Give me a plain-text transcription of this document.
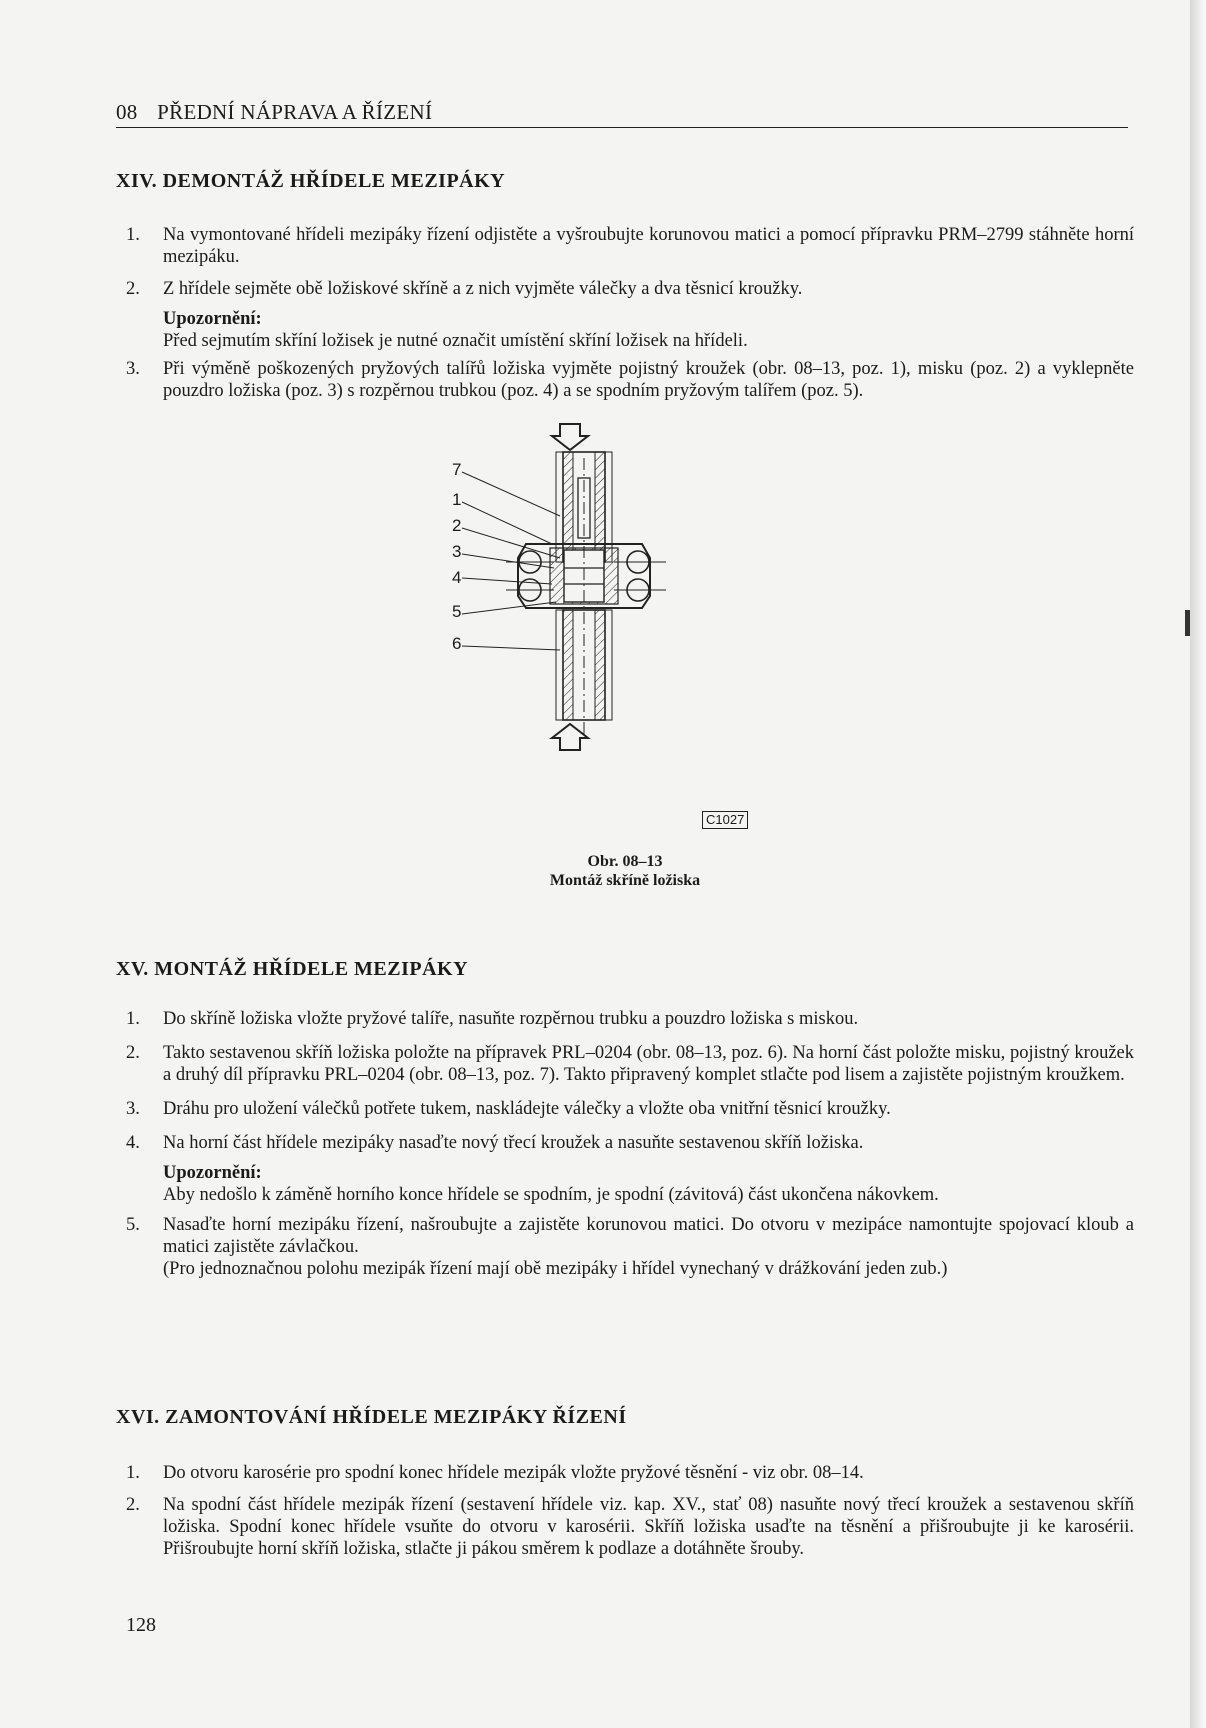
08 PŘEDNÍ NÁPRAVA A ŘÍZENÍ
XIV. DEMONTÁŽ HŘÍDELE MEZIPÁKY
1.	Na vymontované hřídeli mezipáky řízení odjistěte a vyšroubujte korunovou matici a pomocí přípravku PRM–2799 stáhněte horní mezipáku.
2.	Z hřídele sejměte obě ložiskové skříně a z nich vyjměte válečky a dva těsnicí kroužky.
Upozornění:
Před sejmutím skříní ložisek je nutné označit umístění skříní ložisek na hřídeli.
3.	Při výměně poškozených pryžových talířů ložiska vyjměte pojistný kroužek (obr. 08–13, poz. 1), misku (poz. 2) a vyklepněte pouzdro ložiska (poz. 3) s rozpěrnou trubkou (poz. 4) a se spodním pryžovým talířem (poz. 5).
7
1
2
3
4
5
6
C1027
Obr. 08–13
Montáž skříně ložiska
XV. MONTÁŽ HŘÍDELE MEZIPÁKY
1.	Do skříně ložiska vložte pryžové talíře, nasuňte rozpěrnou trubku a pouzdro ložiska s miskou.
2.	Takto sestavenou skříň ložiska položte na přípravek PRL–0204 (obr. 08–13, poz. 6). Na horní část položte misku, pojistný kroužek a druhý díl přípravku PRL–0204 (obr. 08–13, poz. 7). Takto připravený komplet stlačte pod lisem a zajistěte pojistným kroužkem.
3.	Dráhu pro uložení válečků potřete tukem, naskládejte válečky a vložte oba vnitřní těsnicí kroužky.
4.	Na horní část hřídele mezipáky nasaďte nový třecí kroužek a nasuňte sestavenou skříň ložiska.
Upozornění:
Aby nedošlo k záměně horního konce hřídele se spodním, je spodní (závitová) část ukončena nákovkem.
5.	Nasaďte horní mezipáku řízení, našroubujte a zajistěte korunovou matici. Do otvoru v mezipáce namontujte spojovací kloub a matici zajistěte závlačkou.
(Pro jednoznačnou polohu mezipák řízení mají obě mezipáky i hřídel vynechaný v drážkování jeden zub.)
XVI. ZAMONTOVÁNÍ HŘÍDELE MEZIPÁKY ŘÍZENÍ
1.	Do otvoru karosérie pro spodní konec hřídele mezipák vložte pryžové těsnění - viz obr. 08–14.
2.	Na spodní část hřídele mezipák řízení (sestavení hřídele viz. kap. XV., stať 08) nasuňte nový třecí kroužek a sestavenou skříň ložiska. Spodní konec hřídele vsuňte do otvoru v karosérii. Skříň ložiska usaďte na těsnění a přišroubujte ji ke karosérii. Přišroubujte horní skříň ložiska, stlačte ji pákou směrem k podlaze a dotáhněte šrouby.
128
